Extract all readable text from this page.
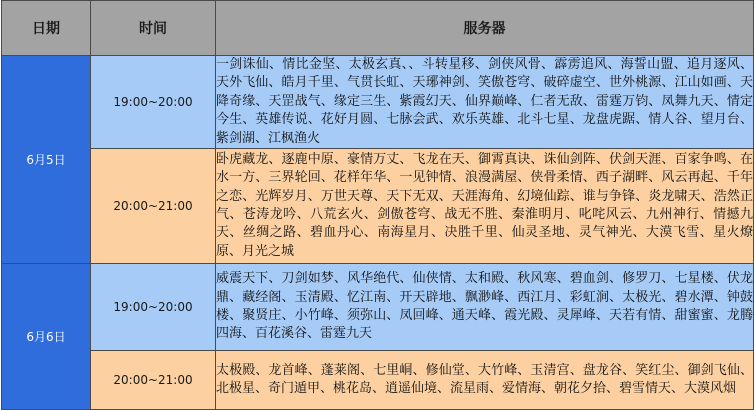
日期	时间	服务器
6月5日	19:00~20:00	一剑诛仙、情比金坚、太极玄真、、斗转星移、剑侠风骨、霹雳追风、海誓山盟、追月逐风、天外飞仙、皓月千里、气贯长虹、天琊神剑、笑傲苍穹、破碎虚空、世外桃源、江山如画、天降奇缘、天罡战气、缘定三生、紫霞幻天、仙界巅峰、仁者无敌、雷霆万钧、凤舞九天、情定今生、英雄传说、花好月圆、七脉会武、欢乐英雄、北斗七星、龙盘虎踞、情人谷、望月台、紫剑湖、江枫渔火
	20:00~21:00	卧虎藏龙、逐鹿中原、豪情万丈、飞龙在天、御霄真诀、诛仙剑阵、伏剑天涯、百家争鸣、在水一方、三界轮回、花样年华、一见钟情、浪漫满屋、侠骨柔情、西子湖畔、风云再起、千年之恋、光辉岁月、万世天尊、天下无双、天涯海角、幻境仙踪、谁与争锋、炎龙啸天、浩然正气、苍涛龙吟、八荒玄火、剑傲苍穹、战无不胜、秦淮明月、叱咤风云、九州神行、情撼九天、丝绸之路、碧血丹心、南海星月、决胜千里、仙灵圣地、灵气神光、大漠飞雪、星火燎原、月光之城
6月6日	19:00~20:00	威震天下、刀剑如梦、风华绝代、仙侠情、太和殿、秋风寒、碧血剑、修罗刀、七星楼、伏龙鼎、藏经阁、玉清殿、忆江南、开天辟地、飘渺峰、西江月、彩虹涧、太极光、碧水潭、钟鼓楼、聚贤庄、小竹峰、须弥山、凤回峰、通天峰、霞光殿、灵犀峰、天若有情、甜蜜蜜、龙腾四海、百花溪谷、雷霆九天
	20:00~21:00	太极殿、龙首峰、蓬莱阁、七里峒、修仙堂、大竹峰、玉清宫、盘龙谷、笑红尘、御剑飞仙、北极星、奇门遁甲、桃花岛、逍遥仙境、流星雨、爱情海、朝花夕拾、碧雪情天、大漠风烟
